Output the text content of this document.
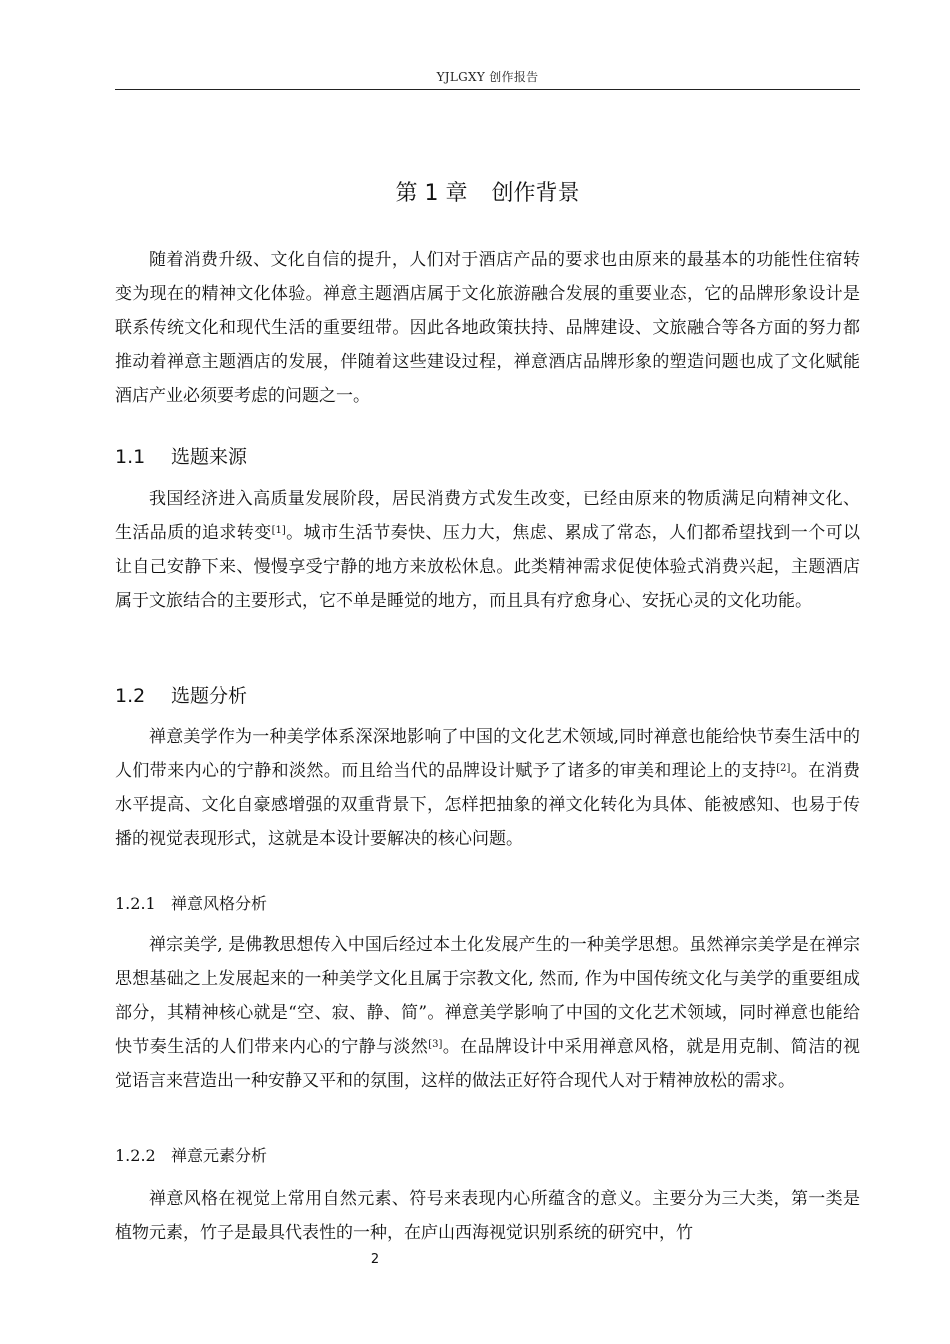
YJLGXY 创作报告
第 1 章 创作背景

随着消费升级、文化自信的提升，人们对于酒店产品的要求也由原来的最基本的功能性住宿转变为现在的精神文化体验。禅意主题酒店属于文化旅游融合发展的重要业态，它的品牌形象设计是联系传统文化和现代生活的重要纽带。因此各地政策扶持、品牌建设、文旅融合等各方面的努力都推动着禅意主题酒店的发展，伴随着这些建设过程，禅意酒店品牌形象的塑造问题也成了文化赋能酒店产业必须要考虑的问题之一。

1.1 选题来源

我国经济进入高质量发展阶段，居民消费方式发生改变，已经由原来的物质满足向精神文化、生活品质的追求转变[1]。城市生活节奏快、压力大，焦虑、累成了常态，人们都希望找到一个可以让自己安静下来、慢慢享受宁静的地方来放松休息。此类精神需求促使体验式消费兴起，主题酒店属于文旅结合的主要形式，它不单是睡觉的地方，而且具有疗愈身心、安抚心灵的文化功能。

1.2 选题分析

禅意美学作为一种美学体系深深地影响了中国的文化艺术领域,同时禅意也能给快节奏生活中的人们带来内心的宁静和淡然。而且给当代的品牌设计赋予了诸多的审美和理论上的支持[2]。在消费水平提高、文化自豪感增强的双重背景下，怎样把抽象的禅文化转化为具体、能被感知、也易于传播的视觉表现形式，这就是本设计要解决的核心问题。

1.2.1 禅意风格分析

禅宗美学, 是佛教思想传入中国后经过本土化发展产生的一种美学思想。虽然禅宗美学是在禅宗思想基础之上发展起来的一种美学文化且属于宗教文化, 然而, 作为中国传统文化与美学的重要组成部分，其精神核心就是“空、寂、静、简”。禅意美学影响了中国的文化艺术领域，同时禅意也能给快节奏生活的人们带来内心的宁静与淡然[3]。在品牌设计中采用禅意风格，就是用克制、简洁的视觉语言来营造出一种安静又平和的氛围，这样的做法正好符合现代人对于精神放松的需求。

1.2.2 禅意元素分析

禅意风格在视觉上常用自然元素、符号来表现内心所蕴含的意义。主要分为三大类，第一类是植物元素，竹子是最具代表性的一种，在庐山西海视觉识别系统的研究中，竹

2
